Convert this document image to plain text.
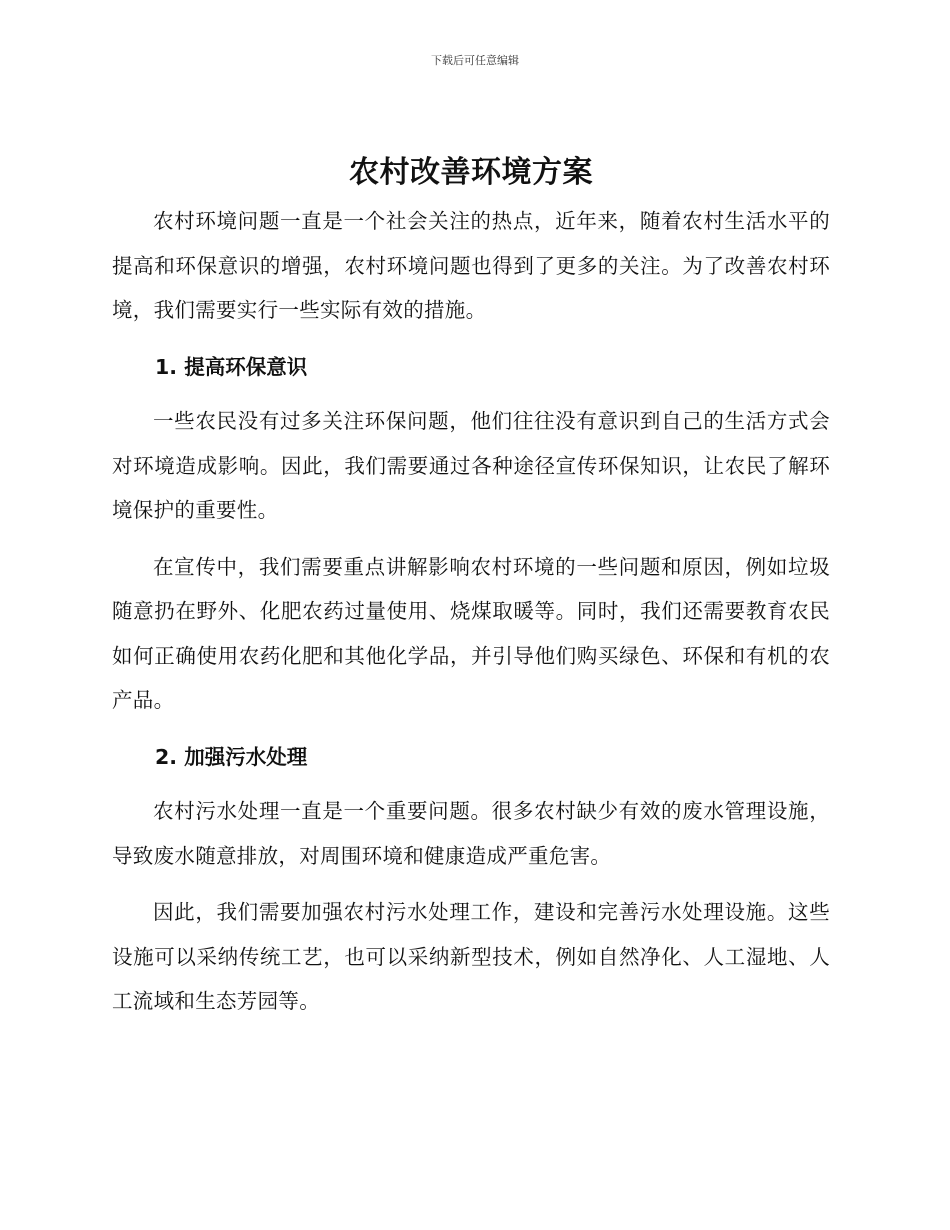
下载后可任意编辑
农村改善环境方案

农村环境问题一直是一个社会关注的热点，近年来，随着农村生活水平的提高和环保意识的增强，农村环境问题也得到了更多的关注。为了改善农村环境，我们需要实行一些实际有效的措施。

1. 提高环保意识

一些农民没有过多关注环保问题，他们往往没有意识到自己的生活方式会对环境造成影响。因此，我们需要通过各种途径宣传环保知识，让农民了解环境保护的重要性。

在宣传中，我们需要重点讲解影响农村环境的一些问题和原因，例如垃圾随意扔在野外、化肥农药过量使用、烧煤取暖等。同时，我们还需要教育农民如何正确使用农药化肥和其他化学品，并引导他们购买绿色、环保和有机的农产品。

2. 加强污水处理

农村污水处理一直是一个重要问题。很多农村缺少有效的废水管理设施，导致废水随意排放，对周围环境和健康造成严重危害。

因此，我们需要加强农村污水处理工作，建设和完善污水处理设施。这些设施可以采纳传统工艺，也可以采纳新型技术，例如自然净化、人工湿地、人工流域和生态芳园等。
